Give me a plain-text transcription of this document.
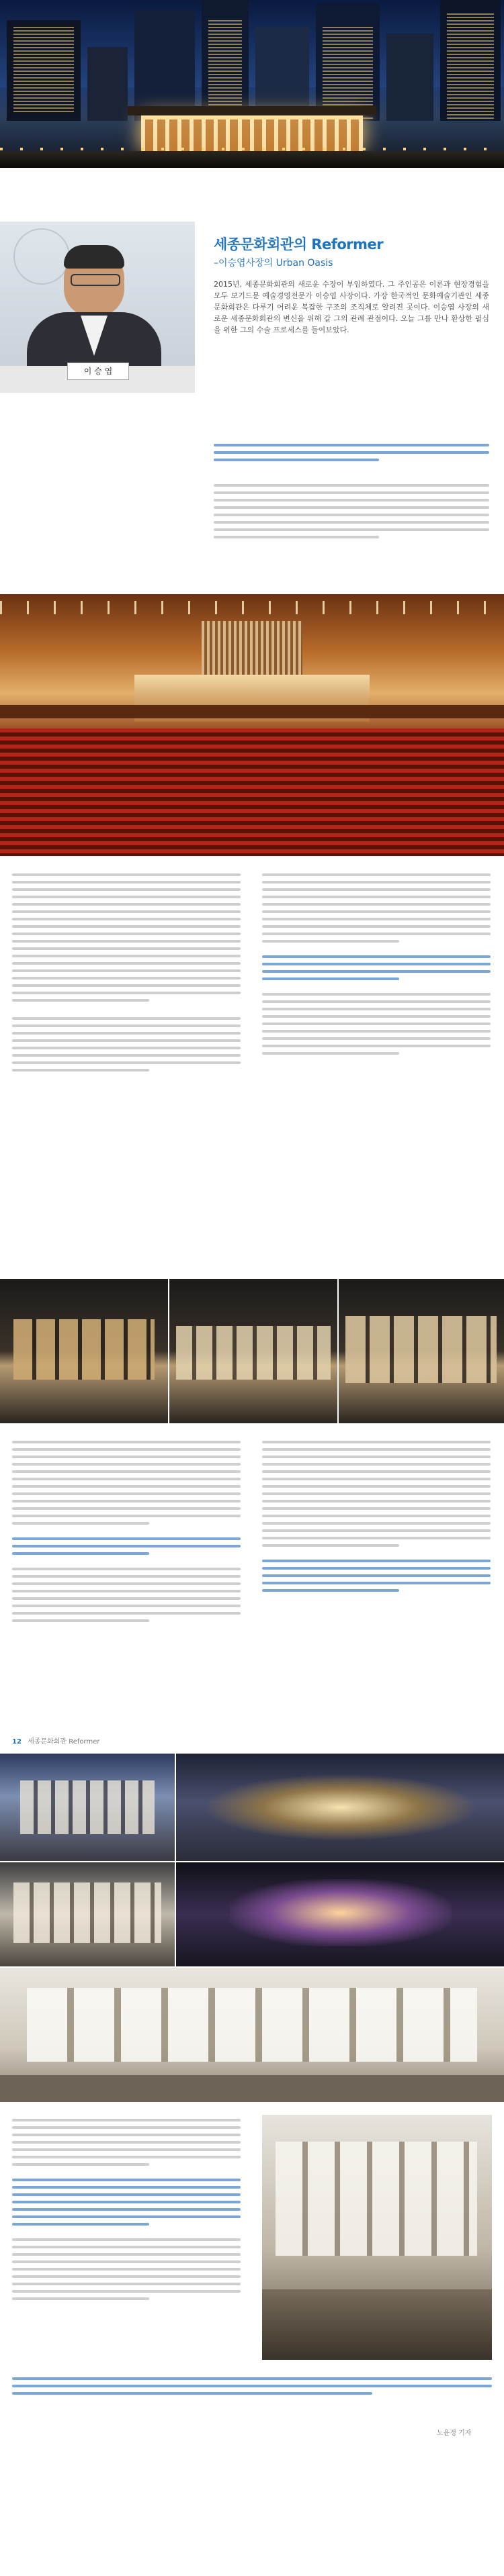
세종문화회관의 Reformer
–이승엽사장의 Urban Oasis
2015년, 세종문화회관의 새로운 수장이 부임하였다. 그 주인공은 이론과 현장경험을 모두 보기드문 예술경영전문가 이승엽 사장이다. 가장 한국적인 문화예술기관인 세종문화회관은 다루기 어려운 복잡한 구조의 조직체로 알려진 곳이다. 이승엽 사장의 새로운 세종문화회관의 변신을 위해 갈 그의 관례 관점이다. 오늘 그를 만나 환상한 필심을 위한 그의 수술 프로세스를 들여보았다.
이 승 엽
12 세종문화회관 Reformer
노윤정 기자
